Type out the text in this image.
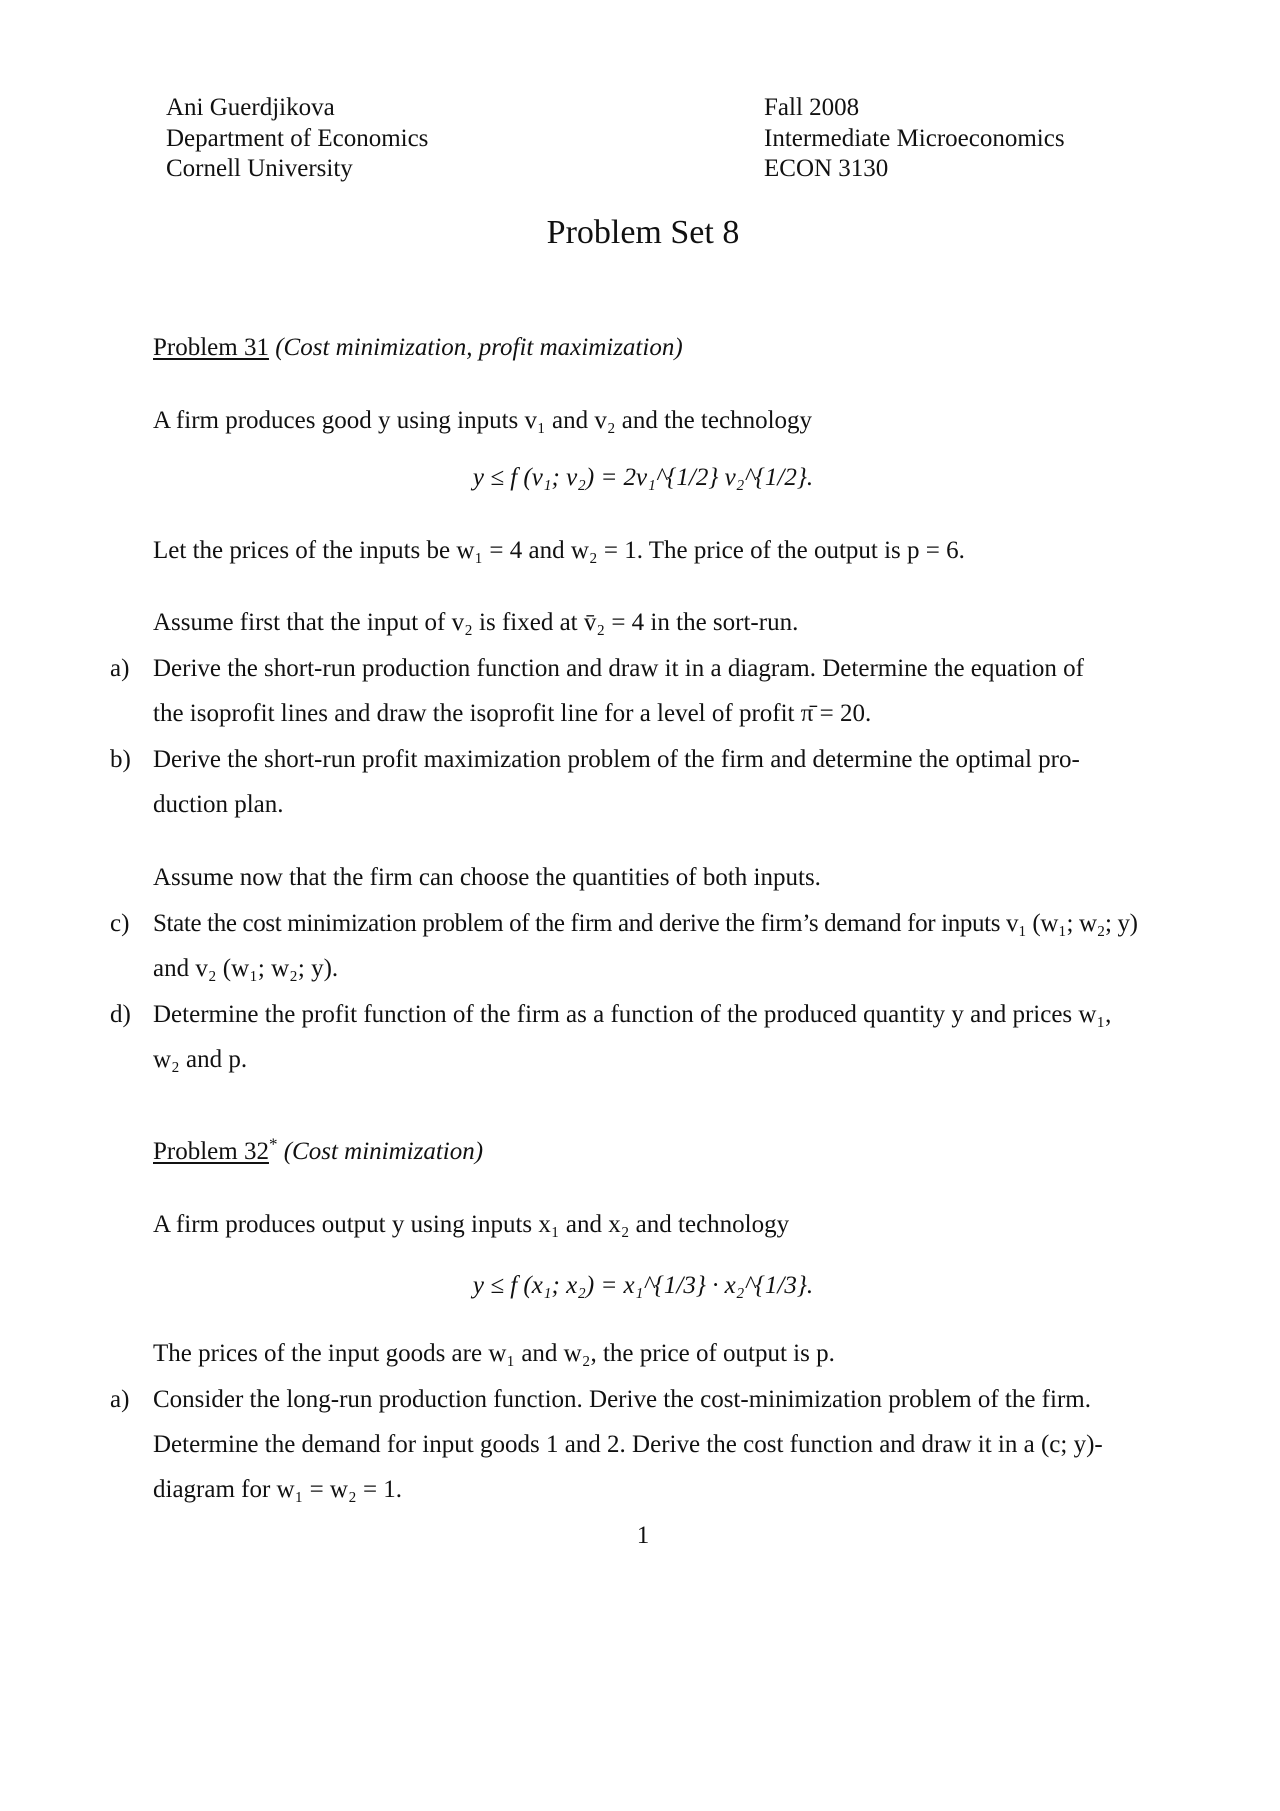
Ani Guerdjikova
Department of Economics
Cornell University
Fall 2008
Intermediate Microeconomics
ECON 3130
Problem Set 8
Problem 31 (Cost minimization, profit maximization)
A firm produces good y using inputs v₁ and v₂ and the technology
y ≤ f (v₁; v₂) = 2v₁^{1/2} v₂^{1/2}.
Let the prices of the inputs be w₁ = 4 and w₂ = 1. The price of the output is p = 6.
Assume first that the input of v₂ is fixed at v̄₂ = 4 in the sort-run.
a) Derive the short-run production function and draw it in a diagram. Determine the equation of
the isoprofit lines and draw the isoprofit line for a level of profit π̄ = 20.
b) Derive the short-run profit maximization problem of the firm and determine the optimal pro-
duction plan.
Assume now that the firm can choose the quantities of both inputs.
c) State the cost minimization problem of the firm and derive the firm’s demand for inputs v₁ (w₁; w₂; y)
and v₂ (w₁; w₂; y).
d) Determine the profit function of the firm as a function of the produced quantity y and prices w₁,
w₂ and p.
Problem 32* (Cost minimization)
A firm produces output y using inputs x₁ and x₂ and technology
y ≤ f (x₁; x₂) = x₁^{1/3} · x₂^{1/3}.
The prices of the input goods are w₁ and w₂, the price of output is p.
a) Consider the long-run production function. Derive the cost-minimization problem of the firm.
Determine the demand for input goods 1 and 2. Derive the cost function and draw it in a (c; y)-
diagram for w₁ = w₂ = 1.
1
